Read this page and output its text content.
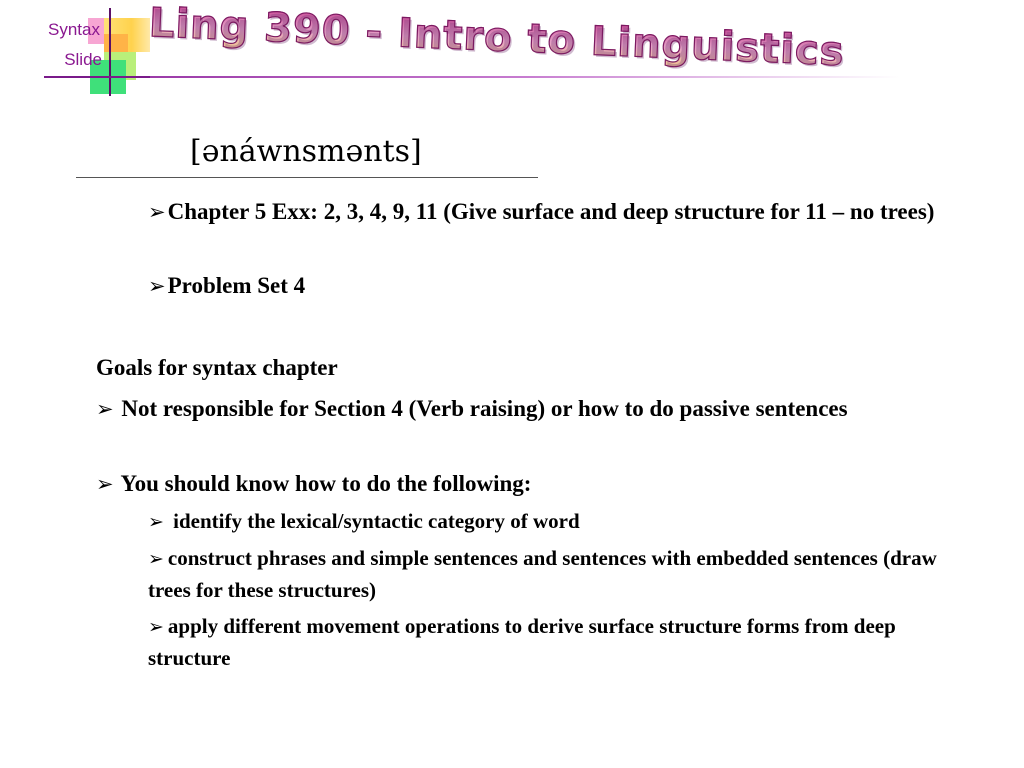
Syntax

Slide Ling 390 - Intro to Linguistics
[ənáwnsmənts]

➢Chapter 5 Exx: 2, 3, 4, 9, 11 (Give surface and deep structure for 11 – no trees)

➢Problem Set 4

Goals for syntax chapter

➢ Not responsible for Section 4 (Verb raising) or how to do passive sentences

➢ You should know how to do the following:

➢ identify the lexical/syntactic category of word

➢ construct phrases and simple sentences and sentences with embedded sentences (draw trees for these structures)

➢ apply different movement operations to derive surface structure forms from deep structure
